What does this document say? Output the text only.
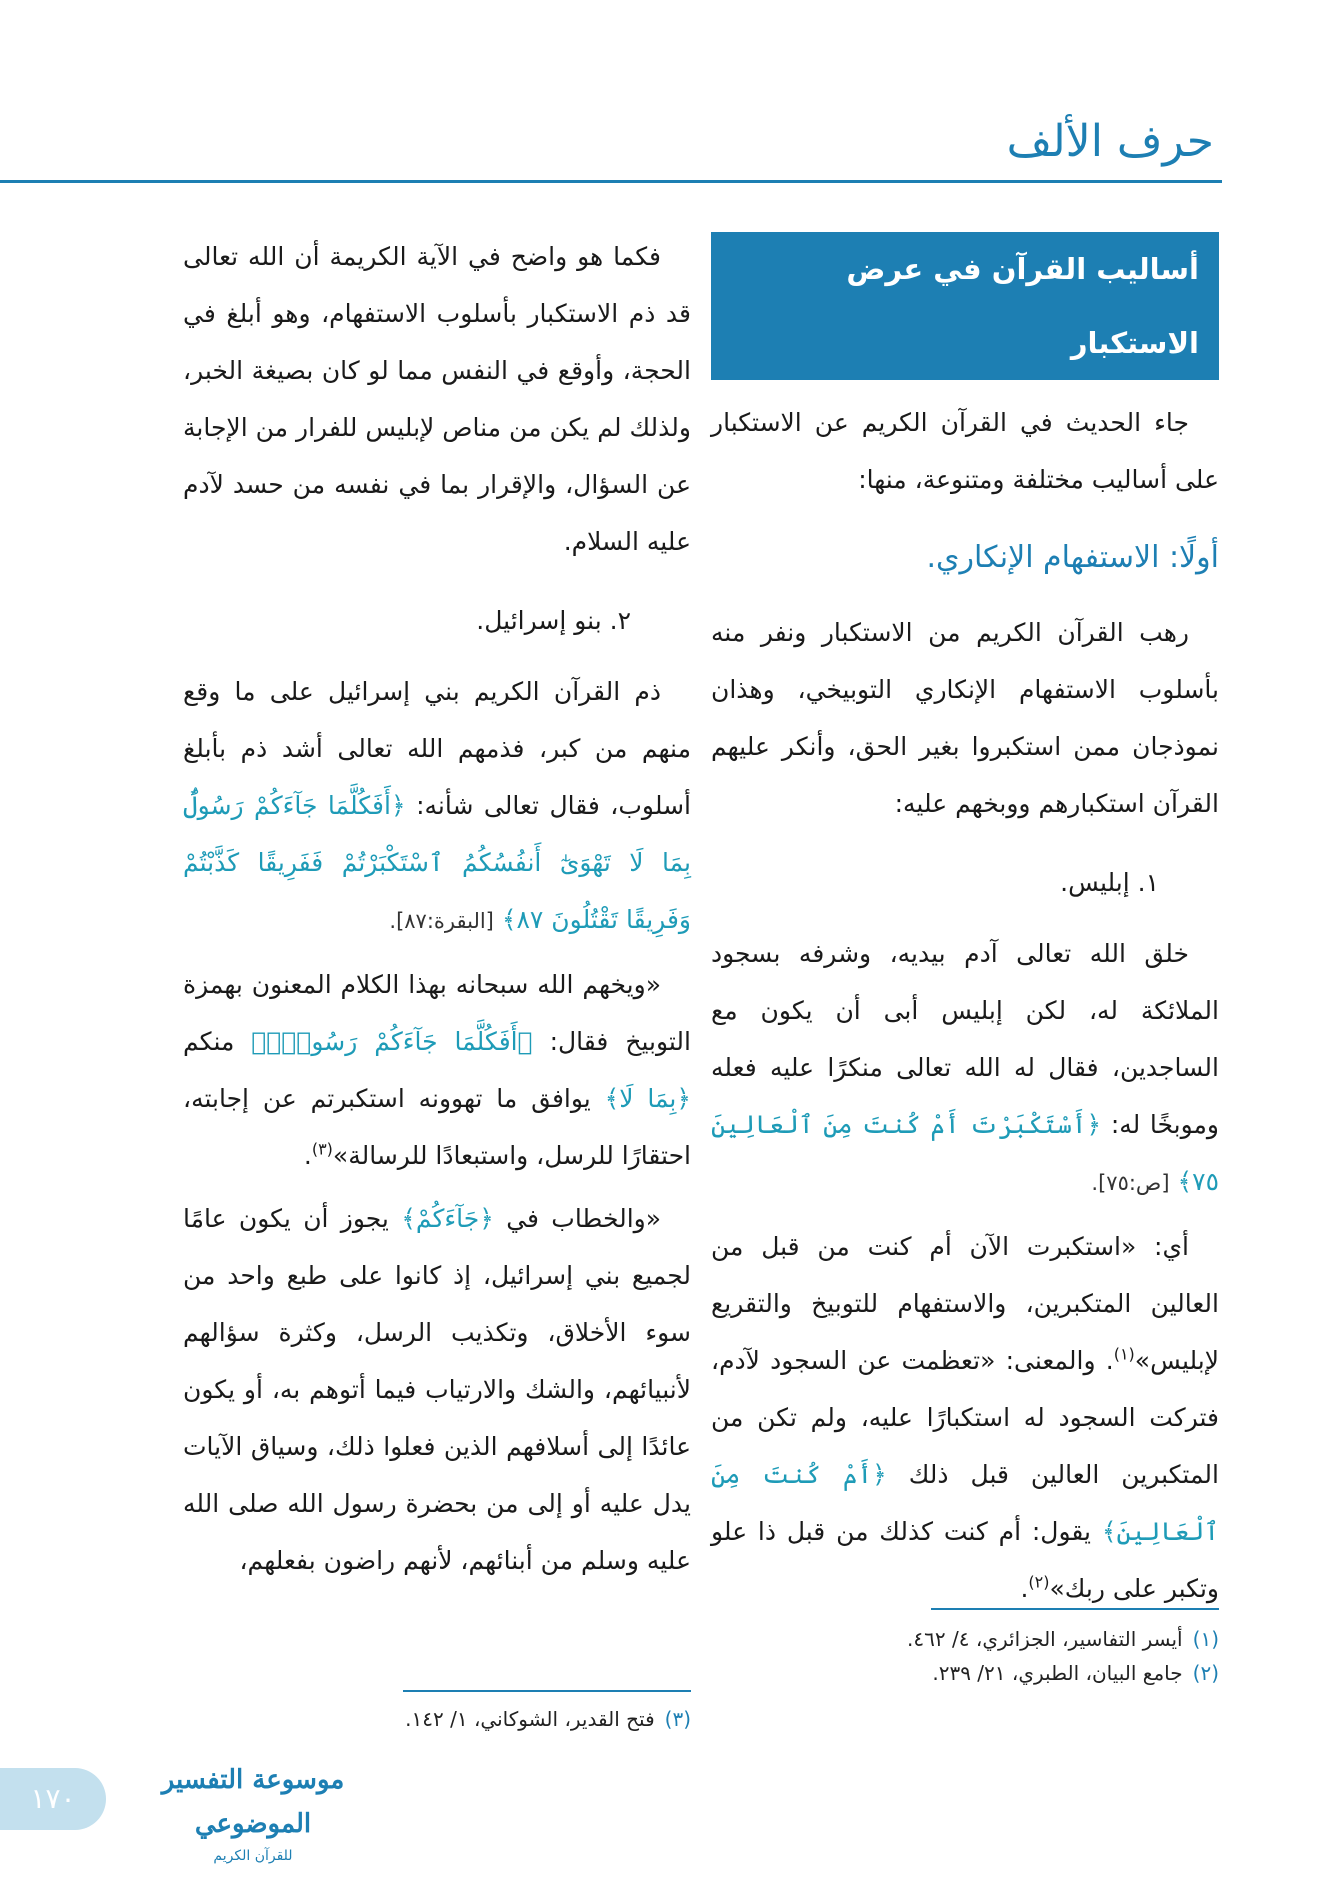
حرف الألف
أساليب القرآن في عرض الاستكبار

جاء الحديث في القرآن الكريم عن الاستكبار على أساليب مختلفة ومتنوعة، منها:

أولًا: الاستفهام الإنكاري.

رهب القرآن الكريم من الاستكبار ونفر منه بأسلوب الاستفهام الإنكاري التوبيخي، وهذان نموذجان ممن استكبروا بغير الحق، وأنكر عليهم القرآن استكبارهم ووبخهم عليه:

١. إبليس.

خلق الله تعالى آدم بيديه، وشرفه بسجود الملائكة له، لكن إبليس أبى أن يكون مع الساجدين، فقال له الله تعالى منكرًا عليه فعله وموبخًا له: ﴿أَسْتَكْبَرْتَ أَمْ كُنتَ مِنَ ٱلْعَالِينَ ٧٥﴾ [ص:٧٥].

أي: «استكبرت الآن أم كنت من قبل من العالين المتكبرين، والاستفهام للتوبيخ والتقريع لإبليس»$^{(١)}$. والمعنى: «تعظمت عن السجود لآدم، فتركت السجود له استكبارًا عليه، ولم تكن من المتكبرين العالين قبل ذلك ﴿أَمْ كُنتَ مِنَ ٱلْعَالِينَ﴾ يقول: أم كنت كذلك من قبل ذا علو وتكبر على ربك»$^{(٢)}$.

فكما هو واضح في الآية الكريمة أن الله تعالى قد ذم الاستكبار بأسلوب الاستفهام، وهو أبلغ في الحجة، وأوقع في النفس مما لو كان بصيغة الخبر، ولذلك لم يكن من مناص لإبليس للفرار من الإجابة عن السؤال، والإقرار بما في نفسه من حسد لآدم عليه السلام.

٢. بنو إسرائيل.

ذم القرآن الكريم بني إسرائيل على ما وقع منهم من كبر، فذمهم الله تعالى أشد ذم بأبلغ أسلوب، فقال تعالى شأنه: ﴿أَفَكُلَّمَا جَآءَكُمْ رَسُولٌۢ بِمَا لَا تَهْوَىٰٓ أَنفُسُكُمُ ٱسْتَكْبَرْتُمْ فَفَرِيقًا كَذَّبْتُمْ وَفَرِيقًا تَقْتُلُونَ ٨٧﴾ [البقرة:٨٧].

«ويخهم الله سبحانه بهذا الكلام المعنون بهمزة التوبيخ فقال: ﴿أَفَكُلَّمَا جَآءَكُمْ رَسُولٌۢ﴾ منكم ﴿بِمَا لَا﴾ يوافق ما تهوونه استكبرتم عن إجابته، احتقارًا للرسل، واستبعادًا للرسالة»$^{(٣)}$.

«والخطاب في ﴿جَآءَكُمْ﴾ يجوز أن يكون عامًا لجميع بني إسرائيل، إذ كانوا على طبع واحد من سوء الأخلاق، وتكذيب الرسل، وكثرة سؤالهم لأنبيائهم، والشك والارتياب فيما أتوهم به، أو يكون عائدًا إلى أسلافهم الذين فعلوا ذلك، وسياق الآيات يدل عليه أو إلى من بحضرة رسول الله صلى الله عليه وسلم من أبنائهم، لأنهم راضون بفعلهم،

(١)أيسر التفاسير، الجزائري، ٤/ ٤٦٢.
(٢)جامع البيان، الطبري، ٢١/ ٢٣٩.
(٣)فتح القدير، الشوكاني، ١/ ١٤٢.
١٧٠
موسوعة التفسير الموضوعي
للقرآن الكريم
